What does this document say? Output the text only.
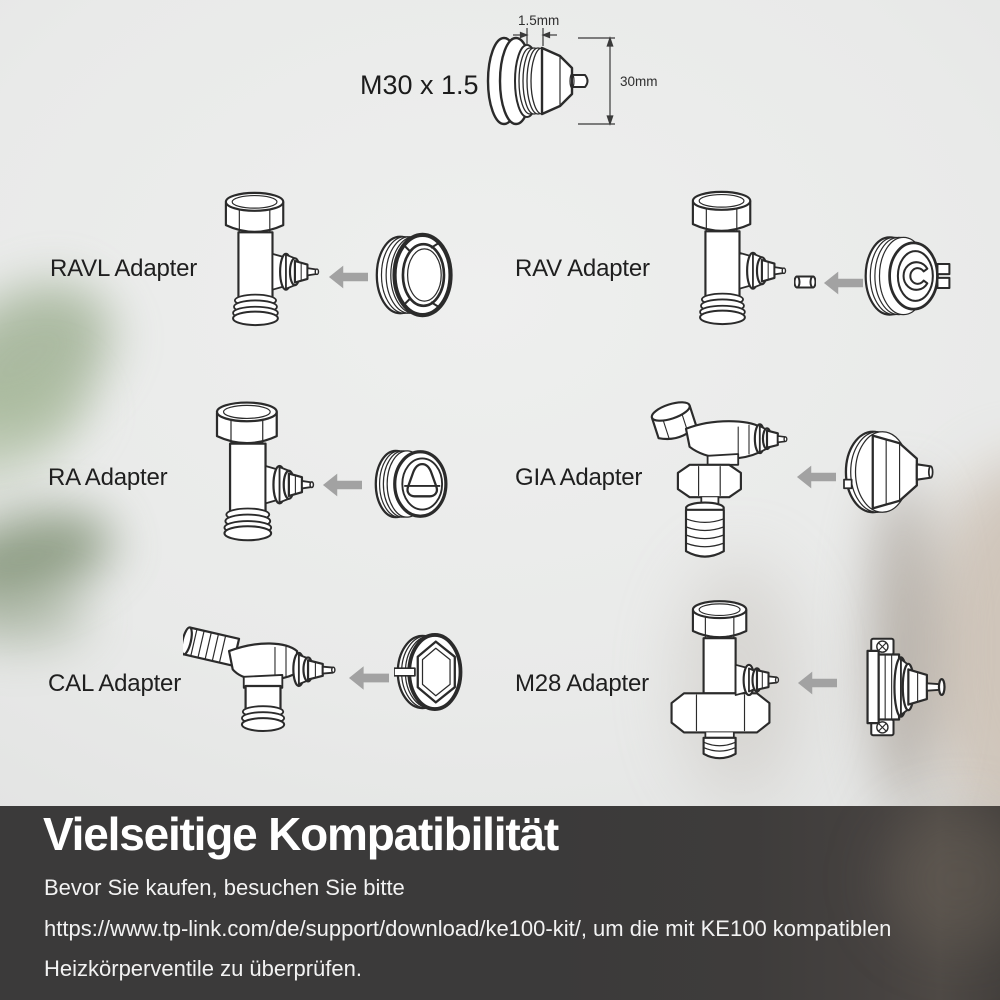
M30 x 1.5
1.5mm
30mm
RAVL Adapter	RAV Adapter
RA Adapter	GIA Adapter
CAL Adapter	M28 Adapter
Vielseitige Kompatibilität
Bevor Sie kaufen, besuchen Sie bitte
https://www.tp-link.com/de/support/download/ke100-kit/, um die mit KE100 kompatiblen
Heizkörperventile zu überprüfen.
